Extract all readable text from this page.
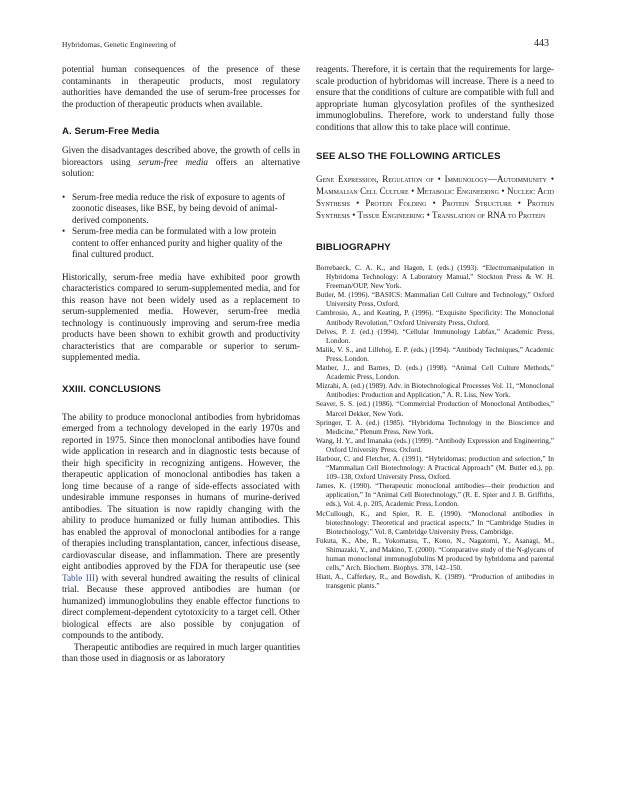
Hybridomas, Genetic Engineering of	443

potential human consequences of the presence of these contaminants in therapeutic products, most regulatory authorities have demanded the use of serum-free processes for the production of therapeutic products when available.

A. Serum-Free Media

Given the disadvantages described above, the growth of cells in bioreactors using serum-free media offers an alternative solution:

• Serum-free media reduce the risk of exposure to agents of zoonotic diseases, like BSE, by being devoid of animal-derived components.
• Serum-free media can be formulated with a low protein content to offer enhanced purity and higher quality of the final cultured product.

Historically, serum-free media have exhibited poor growth characteristics compared to serum-supplemented media, and for this reason have not been widely used as a replacement to serum-supplemented media. However, serum-free media technology is continuously improving and serum-free media products have been shown to exhibit growth and productivity characteristics that are comparable or superior to serum-supplemented media.

XXIII. CONCLUSIONS

The ability to produce monoclonal antibodies from hybridomas emerged from a technology developed in the early 1970s and reported in 1975. Since then monoclonal antibodies have found wide application in research and in diagnostic tests because of their high specificity in recognizing antigens. However, the therapeutic application of monoclonal antibodies has taken a long time because of a range of side-effects associated with undesirable immune responses in humans of murine-derived antibodies. The situation is now rapidly changing with the ability to produce humanized or fully human antibodies. This has enabled the approval of monoclonal antibodies for a range of therapies including transplantation, cancer, infectious disease, cardiovascular disease, and inflammation. There are presently eight antibodies approved by the FDA for therapeutic use (see Table III) with several hundred awaiting the results of clinical trial. Because these approved antibodies are human (or humanized) immunoglobulins they enable effector functions to direct complement-dependent cytotoxicity to a target cell. Other biological effects are also possible by conjugation of compounds to the antibody.

Therapeutic antibodies are required in much larger quantities than those used in diagnosis or as laboratory

reagents. Therefore, it is certain that the requirements for large-scale production of hybridomas will increase. There is a need to ensure that the conditions of culture are compatible with full and appropriate human glycosylation profiles of the synthesized immunoglobulins. Therefore, work to understand fully those conditions that allow this to take place will continue.

SEE ALSO THE FOLLOWING ARTICLES

Gene Expression, Regulation of • Immunology—Autoimmunity • Mammalian Cell Culture • Metabolic Engineering • Nucleic Acid Synthesis • Protein Folding • Protein Structure • Protein Synthesis • Tissue Engineering • Translation of RNA to Protein

BIBLIOGRAPHY

Borrebaeck, C. A. K., and Hagen, I. (eds.) (1993). “Electromanipulation in Hybridoma Technology: A Laboratory Manual,” Stockton Press & W. H. Freeman/OUP, New York.

Butler, M. (1996). “BASICS: Mammalian Cell Culture and Technology,” Oxford University Press, Oxford.

Cambrosio, A., and Keating, P. (1996). “Exquisite Specificity: The Monoclonal Antibody Revolution,” Oxford University Press, Oxford.

Delves, P. J. (ed.) (1994). “Cellular Immunology Labfax,” Academic Press, London.

Malik, V. S., and Lillehoj, E. P. (eds.) (1994). “Antibody Techniques,” Academic Press, London.

Mather, J., and Barnes, D. (eds.) (1998). “Animal Cell Culture Methods,” Academic Press, London.

Mizrahi, A. (ed.) (1989). Adv. in Biotechnological Processes Vol. 11, “Monoclonal Antibodies: Production and Application,” A. R. Liss, New York.

Seaver, S. S. (ed.) (1986). “Commercial Production of Monoclonal Antibodies,” Marcel Dekker, New York.

Springer, T. A. (ed.) (1985). “Hybridoma Technology in the Bioscience and Medicine,” Plenum Press, New York.

Wang, H. Y., and Imanaka (eds.) (1999). “Antibody Expression and Engineering,” Oxford University Press, Oxford.

Harbour, C. and Fletcher, A. (1991). “Hybridomas: production and selection,” In “Mammalian Cell Biotechnology: A Practical Approach” (M. Butler ed.), pp. 109–138, Oxford University Press, Oxford.

James, K. (1990). “Therapeutic monoclonal antibodies—their production and application,” In “Animal Cell Biotechnology,” (R. E. Spier and J. B. Griffiths, eds.), Vol. 4, p. 205, Academic Press, London.

McCullough, K., and Spier, R. E. (1990). “Monoclonal antibodies in biotechnology: Theoretical and practical aspects,” In “Cambridge Studies in Biotechnology,” Vol. 8, Cambridge University Press, Cambridge.

Fukuta, K., Abe, R., Yokomatsu, T., Kono, N., Nagatomi, Y., Asanagi, M., Shimazaki, Y., and Makino, T. (2000). “Comparative study of the N-glycans of human monoclonal immunoglobulins M produced by hybridoma and parental cells,” Arch. Biochem. Biophys. 378, 142–150.

Hiatt, A., Cafferkey, R., and Bowdish, K. (1989). “Production of antibodies in transgenic plants.”
